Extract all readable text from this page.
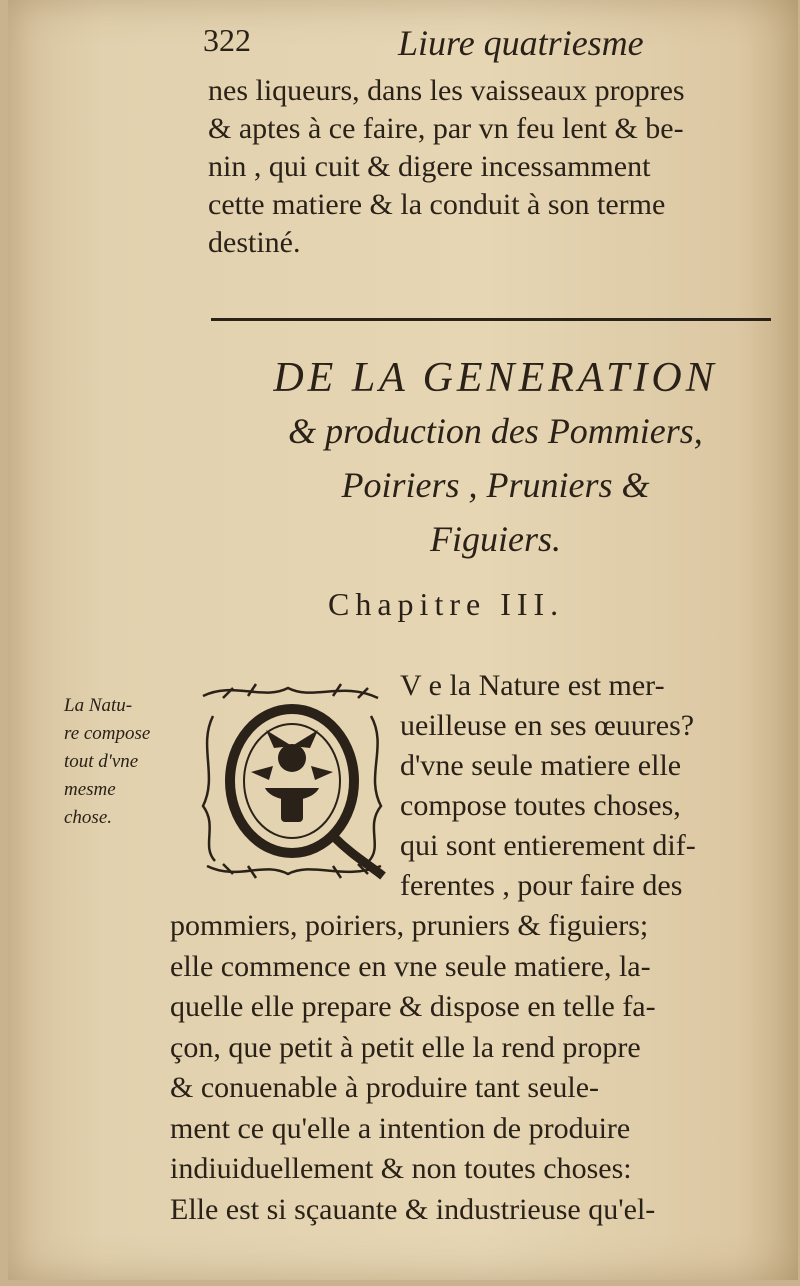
322	Liure quatriesme
nes liqueurs, dans les vaisseaux propres
& aptes à ce faire, par vn feu lent & be-
nin , qui cuit & digere incessamment
cette matiere & la conduit à son terme
destiné.
DE LA GENERATION
& production des Pommiers,
Poiriers , Pruniers &
Figuiers.
Chapitre III.
La Natu-
re compose
tout d'vne
mesme
chose.
V e la Nature est mer-
ueilleuse en ses œuures?
d'vne seule matiere elle
compose toutes choses,
qui sont entierement dif-
ferentes , pour faire des
pommiers, poiriers, pruniers & figuiers;
elle commence en vne seule matiere, la-
quelle elle prepare & dispose en telle fa-
çon, que petit à petit elle la rend propre
& conuenable à produire tant seule-
ment ce qu'elle a intention de produire
indiuiduellement & non toutes choses:
Elle est si sçauante & industrieuse qu'el-
